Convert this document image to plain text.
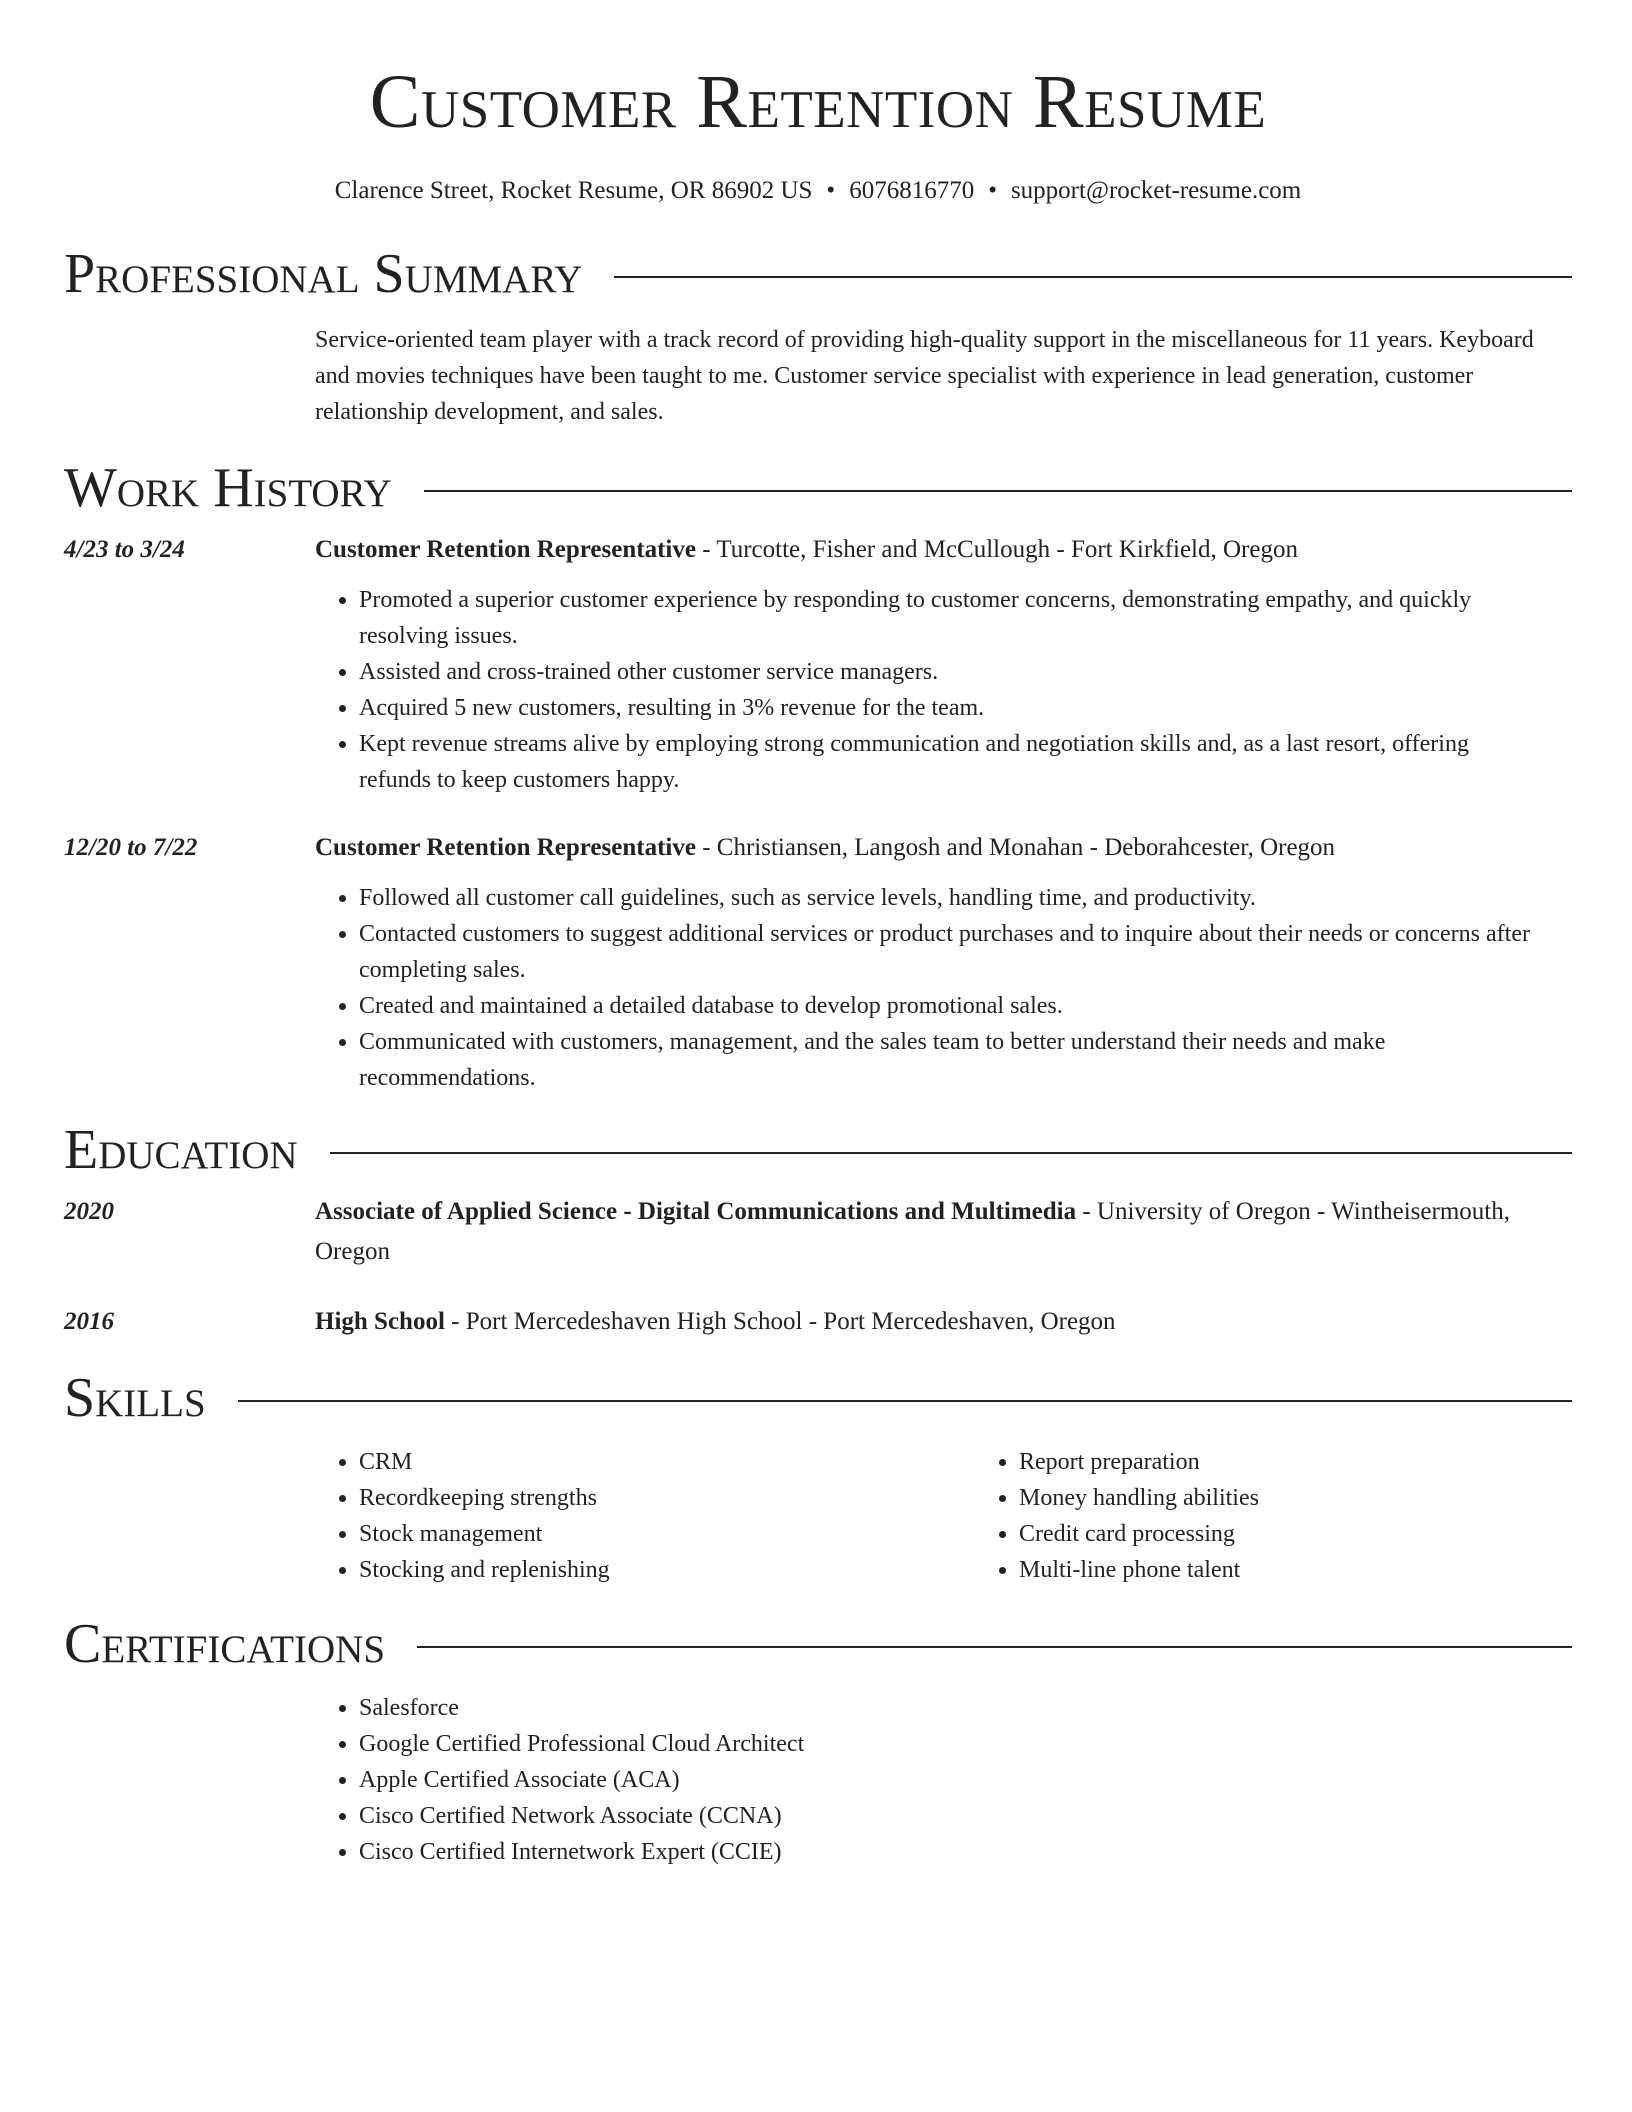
Customer Retention Resume
Clarence Street, Rocket Resume, OR 86902 US • 6076816770 • support@rocket-resume.com
Professional Summary
Service-oriented team player with a track record of providing high-quality support in the miscellaneous for 11 years. Keyboard and movies techniques have been taught to me. Customer service specialist with experience in lead generation, customer relationship development, and sales.
Work History
4/23 to 3/24	Customer Retention Representative - Turcotte, Fisher and McCullough - Fort Kirkfield, Oregon
• Promoted a superior customer experience by responding to customer concerns, demonstrating empathy, and quickly resolving issues.
• Assisted and cross-trained other customer service managers.
• Acquired 5 new customers, resulting in 3% revenue for the team.
• Kept revenue streams alive by employing strong communication and negotiation skills and, as a last resort, offering refunds to keep customers happy.
12/20 to 7/22	Customer Retention Representative - Christiansen, Langosh and Monahan - Deborahcester, Oregon
• Followed all customer call guidelines, such as service levels, handling time, and productivity.
• Contacted customers to suggest additional services or product purchases and to inquire about their needs or concerns after completing sales.
• Created and maintained a detailed database to develop promotional sales.
• Communicated with customers, management, and the sales team to better understand their needs and make recommendations.
Education
2020	Associate of Applied Science - Digital Communications and Multimedia - University of Oregon - Wintheisermouth, Oregon
2016	High School - Port Mercedeshaven High School - Port Mercedeshaven, Oregon
Skills
• CRM
• Recordkeeping strengths
• Stock management
• Stocking and replenishing
• Report preparation
• Money handling abilities
• Credit card processing
• Multi-line phone talent
Certifications
• Salesforce
• Google Certified Professional Cloud Architect
• Apple Certified Associate (ACA)
• Cisco Certified Network Associate (CCNA)
• Cisco Certified Internetwork Expert (CCIE)
